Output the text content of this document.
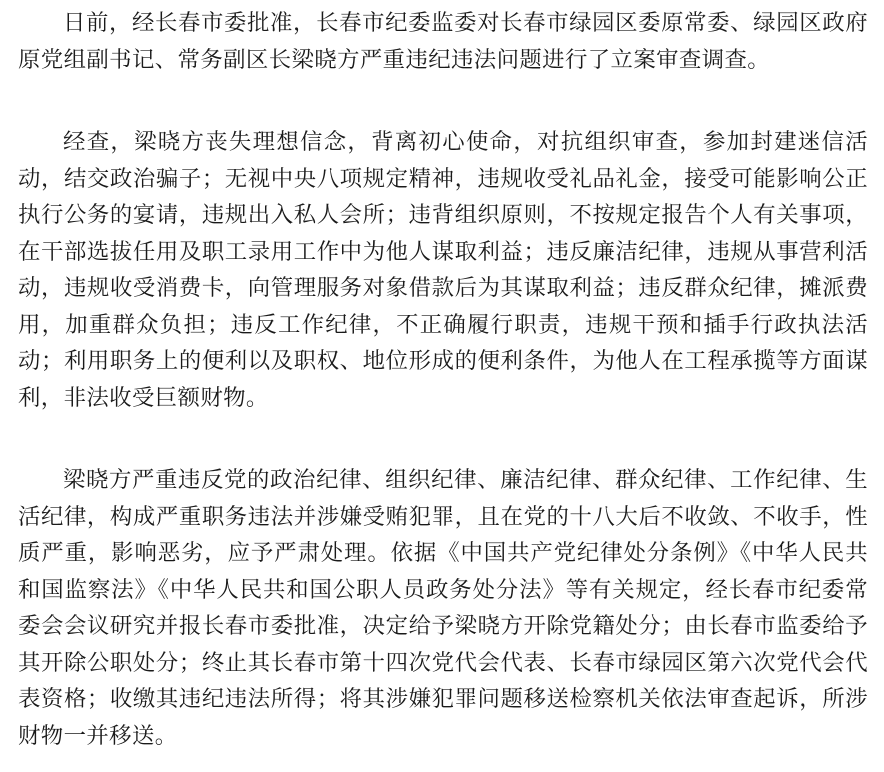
日前，经长春市委批准，长春市纪委监委对长春市绿园区委原常委、绿园区政府原党组副书记、常务副区长梁晓方严重违纪违法问题进行了立案审查调查。

经查，梁晓方丧失理想信念，背离初心使命，对抗组织审查，参加封建迷信活动，结交政治骗子；无视中央八项规定精神，违规收受礼品礼金，接受可能影响公正执行公务的宴请，违规出入私人会所；违背组织原则，不按规定报告个人有关事项，在干部选拔任用及职工录用工作中为他人谋取利益；违反廉洁纪律，违规从事营利活动，违规收受消费卡，向管理服务对象借款后为其谋取利益；违反群众纪律，摊派费用，加重群众负担；违反工作纪律，不正确履行职责，违规干预和插手行政执法活动；利用职务上的便利以及职权、地位形成的便利条件，为他人在工程承揽等方面谋利，非法收受巨额财物。

梁晓方严重违反党的政治纪律、组织纪律、廉洁纪律、群众纪律、工作纪律、生活纪律，构成严重职务违法并涉嫌受贿犯罪，且在党的十八大后不收敛、不收手，性质严重，影响恶劣，应予严肃处理。依据《中国共产党纪律处分条例》《中华人民共和国监察法》《中华人民共和国公职人员政务处分法》等有关规定，经长春市纪委常委会会议研究并报长春市委批准，决定给予梁晓方开除党籍处分；由长春市监委给予其开除公职处分；终止其长春市第十四次党代会代表、长春市绿园区第六次党代会代表资格；收缴其违纪违法所得；将其涉嫌犯罪问题移送检察机关依法审查起诉，所涉财物一并移送。
